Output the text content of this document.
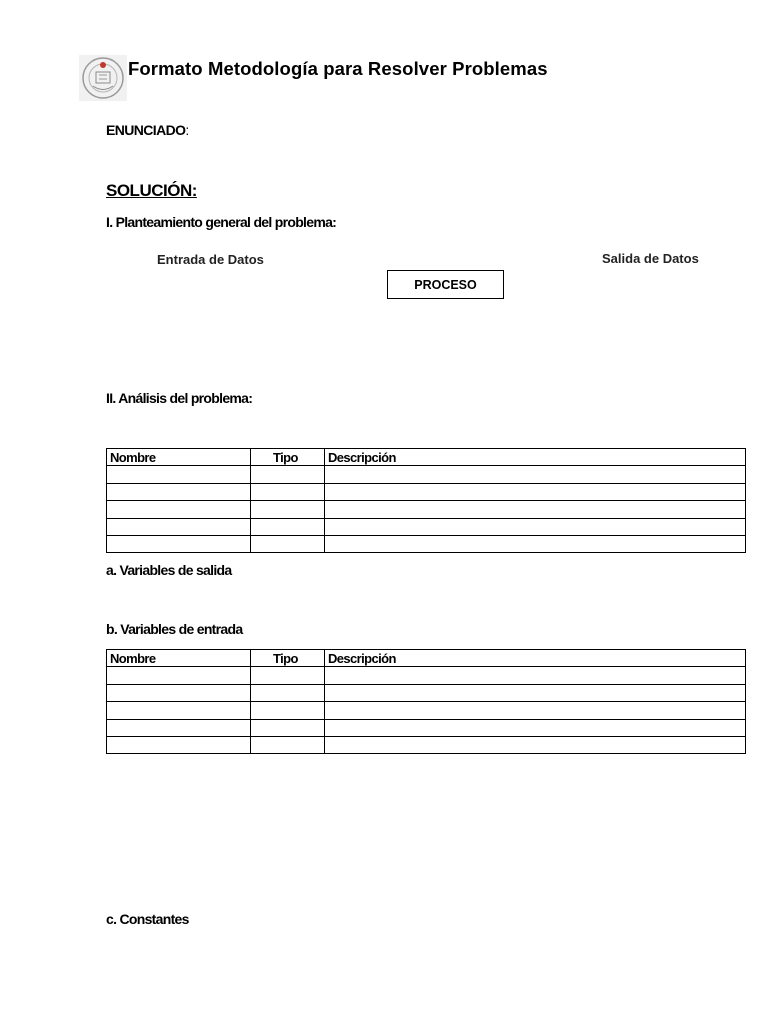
Formato Metodología para Resolver Problemas
ENUNCIADO:
SOLUCIÓN:
I. Planteamiento general del problema:
Entrada de Datos	Salida de Datos
PROCESO
II. Análisis del problema:
Nombre	Tipo	Descripción

a. Variables de salida
b. Variables de entrada
Nombre	Tipo	Descripción

c. Constantes
